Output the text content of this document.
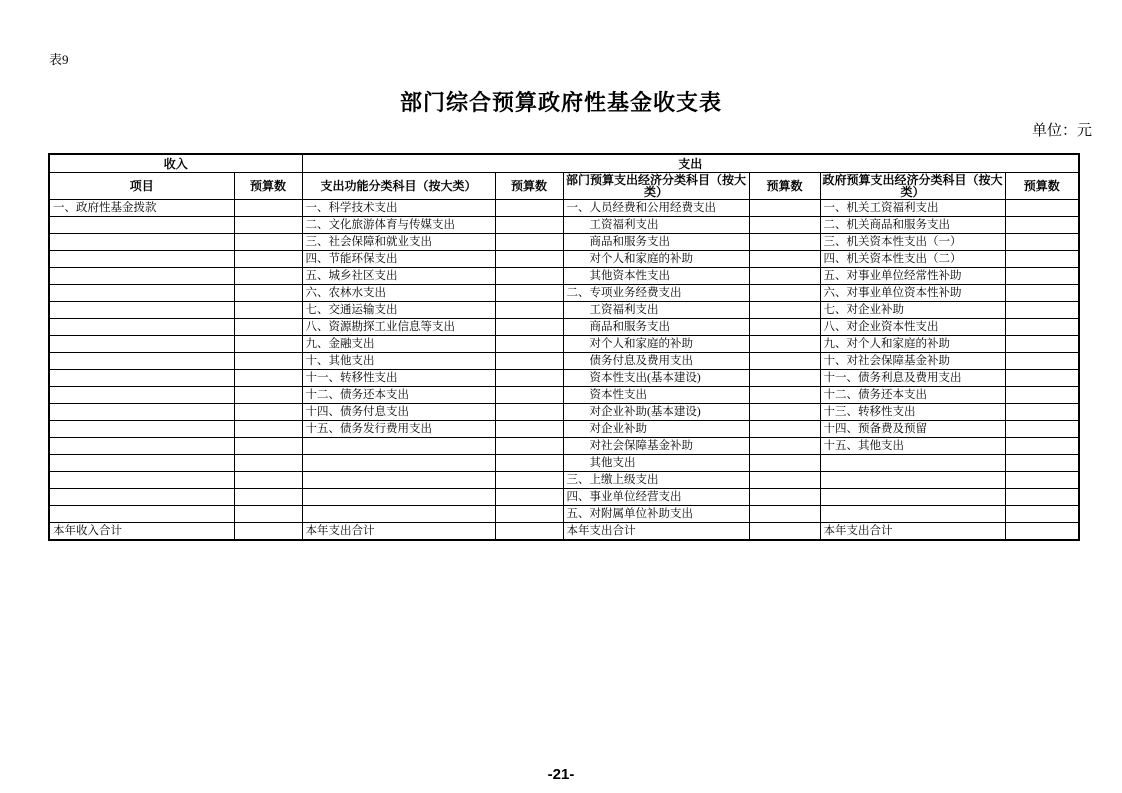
表9
部门综合预算政府性基金收支表
单位：元
收入		支出					
项目	预算数	支出功能分类科目（按大类）	预算数	部门预算支出经济分类科目（按大类）	预算数	政府预算支出经济分类科目（按大类）	预算数
一、政府性基金拨款		一、科学技术支出		一、人员经费和公用经费支出		一、机关工资福利支出	
		二、文化旅游体育与传媒支出		工资福利支出		二、机关商品和服务支出	
		三、社会保障和就业支出		商品和服务支出		三、机关资本性支出（一）	
		四、节能环保支出		对个人和家庭的补助		四、机关资本性支出（二）	
		五、城乡社区支出		其他资本性支出		五、对事业单位经常性补助	
		六、农林水支出		二、专项业务经费支出		六、对事业单位资本性补助	
		七、交通运输支出		工资福利支出		七、对企业补助	
		八、资源勘探工业信息等支出		商品和服务支出		八、对企业资本性支出	
		九、金融支出		对个人和家庭的补助		九、对个人和家庭的补助	
		十、其他支出		债务付息及费用支出		十、对社会保障基金补助	
		十一、转移性支出		资本性支出(基本建设)		十一、债务利息及费用支出	
		十二、债务还本支出		资本性支出		十二、债务还本支出	
		十四、债务付息支出		对企业补助(基本建设)		十三、转移性支出	
		十五、债务发行费用支出		对企业补助		十四、预备费及预留	
				对社会保障基金补助		十五、其他支出	
				其他支出			
				三、上缴上级支出			
				四、事业单位经营支出			
				五、对附属单位补助支出			
本年收入合计		本年支出合计		本年支出合计		本年支出合计	
-21-
